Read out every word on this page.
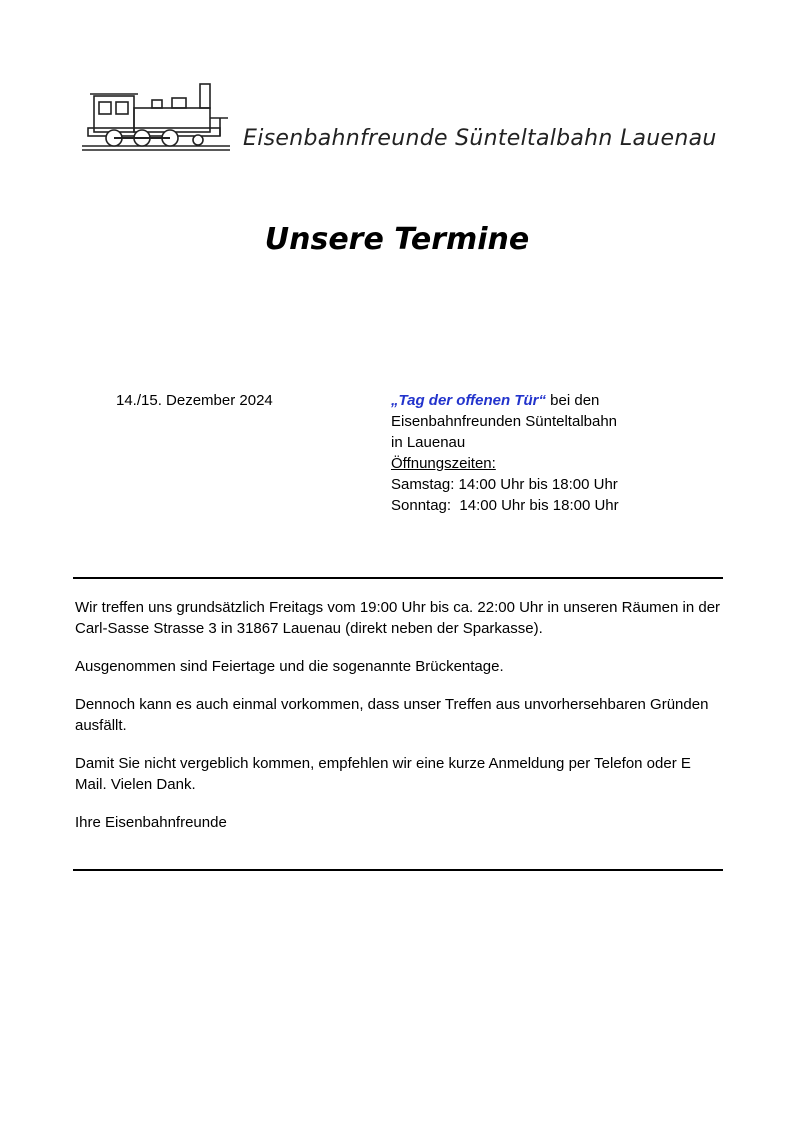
Eisenbahnfreunde Sünteltalbahn Lauenau
Unsere Termine
14./15. Dezember 2024	„Tag der offenen Tür“ bei den
Eisenbahnfreunden Sünteltalbahn
in Lauenau
Öffnungszeiten:
Samstag: 14:00 Uhr bis 18:00 Uhr
Sonntag:  14:00 Uhr bis 18:00 Uhr

Wir treffen uns grundsätzlich Freitags vom 19:00 Uhr bis ca. 22:00 Uhr in unseren Räumen in der Carl-Sasse Strasse 3 in 31867 Lauenau (direkt neben der Sparkasse).

Ausgenommen sind Feiertage und die sogenannte Brückentage.

Dennoch kann es auch einmal vorkommen, dass unser Treffen aus unvorhersehbaren Gründen ausfällt.

Damit Sie nicht vergeblich kommen, empfehlen wir eine kurze Anmeldung per Telefon oder E Mail. Vielen Dank.

Ihre Eisenbahnfreunde
